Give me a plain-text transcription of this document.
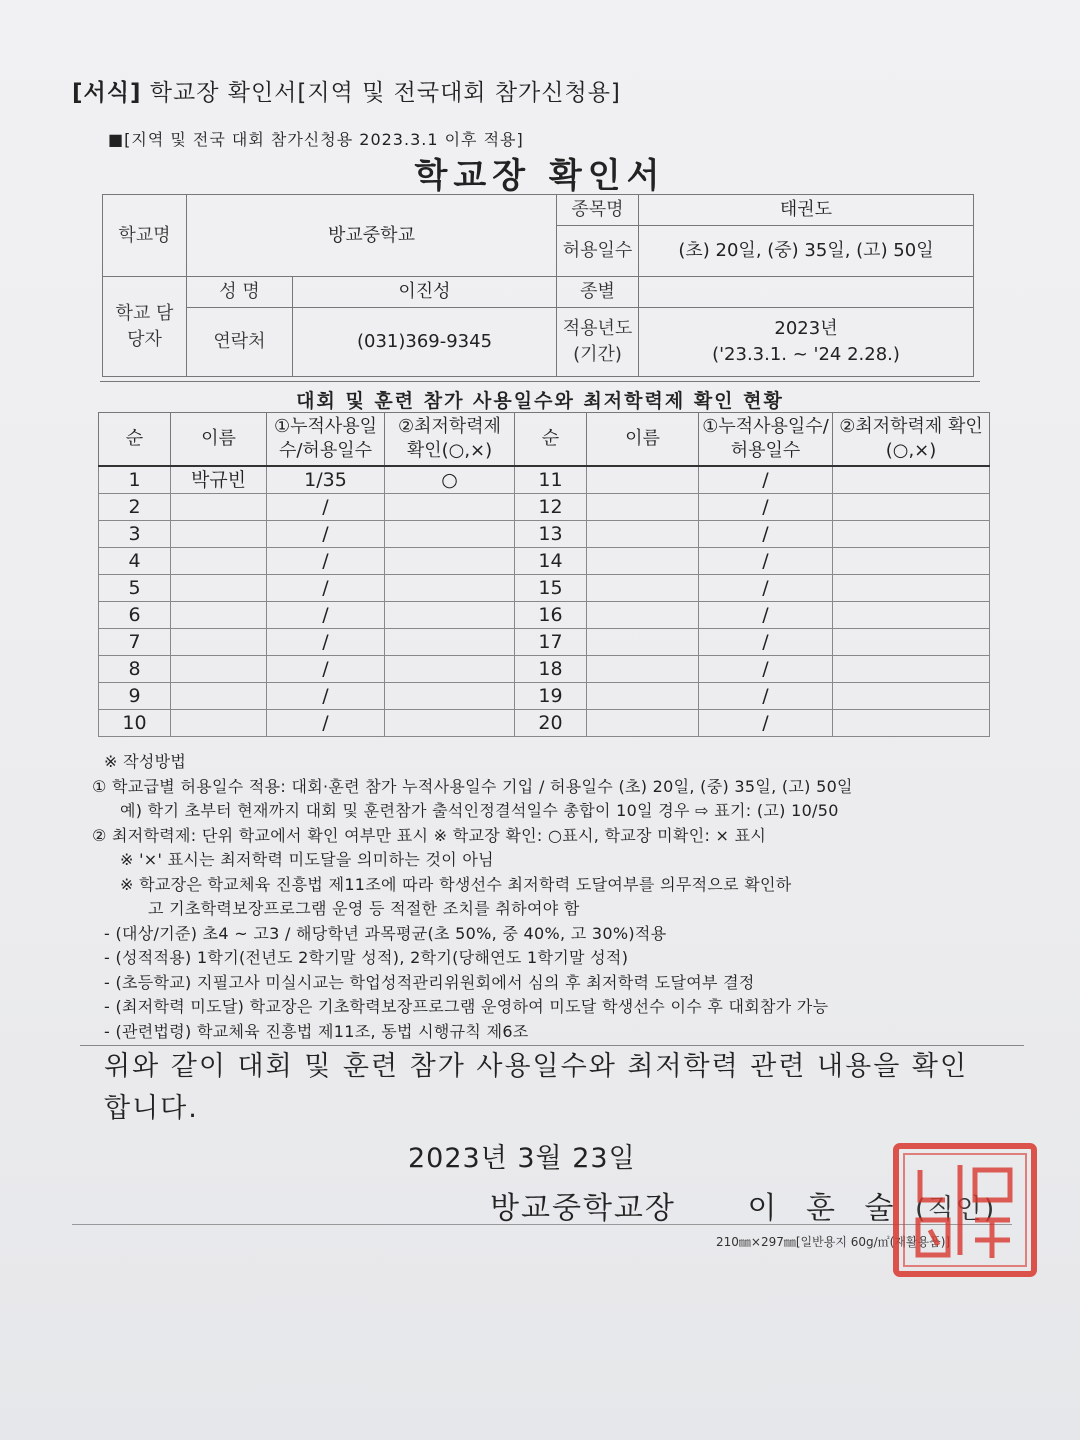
[서식] 학교장 확인서[지역 및 전국대회 참가신청용]
■[지역 및 전국 대회 참가신청용 2023.3.1 이후 적용]
학교장 확인서
학교명	방교중학교		종목명	태권도
			허용일수	(초) 20일, (중) 35일, (고) 50일
학교 담당자	성 명	이진성	종별	
	연락처	(031)369-9345	적용년도 (기간)	2023년
('23.3.1. ~ '24 2.28.)
대회 및 훈련 참가 사용일수와 최저학력제 확인 현황
순	이름	①누적사용일수/허용일수	②최저학력제 확인(○,×)	순	이름	①누적사용일수/허용일수	②최저학력제 확인(○,×)
1	박규빈	1/35	○	11		/	
2		/		12		/	
3		/		13		/	
4		/		14		/	
5		/		15		/	
6		/		16		/	
7		/		17		/	
8		/		18		/	
9		/		19		/	
10		/		20		/	

※ 작성방법

① 학교급별 허용일수 적용: 대회·훈련 참가 누적사용일수 기입 / 허용일수 (초) 20일, (중) 35일, (고) 50일

예) 학기 초부터 현재까지 대회 및 훈련참가 출석인정결석일수 총합이 10일 경우 ⇨ 표기: (고) 10/50

② 최저학력제: 단위 학교에서 확인 여부만 표시 ※ 학교장 확인: ○표시, 학교장 미확인: × 표시

※ '×' 표시는 최저학력 미도달을 의미하는 것이 아님

※ 학교장은 학교체육 진흥법 제11조에 따라 학생선수 최저학력 도달여부를 의무적으로 확인하

고 기초학력보장프로그램 운영 등 적절한 조치를 취하여야 함

- (대상/기준) 초4 ~ 고3 / 해당학년 과목평균(초 50%, 중 40%, 고 30%)적용

- (성적적용) 1학기(전년도 2학기말 성적), 2학기(당해연도 1학기말 성적)

- (초등학교) 지필고사 미실시교는 학업성적관리위원회에서 심의 후 최저학력 도달여부 결정

- (최저학력 미도달) 학교장은 기초학력보장프로그램 운영하여 미도달 학생선수 이수 후 대회참가 가능

- (관련법령) 학교체육 진흥법 제11조, 동법 시행규칙 제6조

위와 같이 대회 및 훈련 참가 사용일수와 최저학력 관련 내용을 확인
합니다.
2023년 3월 23일
방교중학교장 이 훈 술 (직인)
210㎜×297㎜[일반용지 60g/㎡(재활용품)]
